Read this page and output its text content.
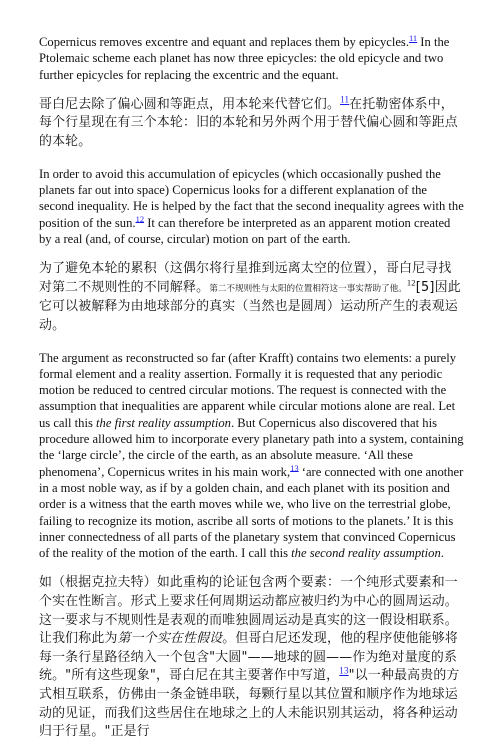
Copernicus removes excentre and equant and replaces them by epicycles.$^{11}$ In the Ptolemaic scheme each planet has now three epicycles: the old epicycle and two further epicycles for replacing the excentric and the equant.

哥白尼去除了偏心圆和等距点，用本轮来代替它们。$^{11}$在托勒密体系中，每个行星现在有三个本轮：旧的本轮和另外两个用于替代偏心圆和等距点的本轮。

In order to avoid this accumulation of epicycles (which occasionally pushed the planets far out into space) Copernicus looks for a different explanation of the second inequality. He is helped by the fact that the second inequality agrees with the position of the sun.$^{12}$ It can therefore be interpreted as an apparent motion created by a real (and, of course, circular) motion on part of the earth.

为了避免本轮的累积（这偶尔将行星推到远离太空的位置），哥白尼寻找对第二不规则性的不同解释。第二不规则性与太阳的位置相符这一事实帮助了他。$^{12}$[5]因此它可以被解释为由地球部分的真实（当然也是圆周）运动所产生的表观运动。

The argument as reconstructed so far (after Krafft) contains two elements: a purely formal element and a reality assertion. Formally it is requested that any periodic motion be reduced to centred circular motions. The request is connected with the assumption that inequalities are apparent while circular motions alone are real. Let us call this the first reality assumption. But Copernicus also discovered that his procedure allowed him to incorporate every planetary path into a system, containing the ‘large circle’, the circle of the earth, as an absolute measure. ‘All these phenomena’, Copernicus writes in his main work,$^{13}$ ‘are connected with one another in a most noble way, as if by a golden chain, and each planet with its position and order is a witness that the earth moves while we, who live on the terrestrial globe, failing to recognize its motion, ascribe all sorts of motions to the planets.’ It is this inner connectedness of all parts of the planetary system that convinced Copernicus of the reality of the motion of the earth. I call this the second reality assumption.

如（根据克拉夫特）如此重构的论证包含两个要素：一个纯形式要素和一个实在性断言。形式上要求任何周期运动都应被归约为中心的圆周运动。这一要求与不规则性是表观的而唯独圆周运动是真实的这一假设相联系。让我们称此为第一个实在性假设。但哥白尼还发现，他的程序使他能够将每一条行星路径纳入一个包含"大圆"——地球的圆——作为绝对量度的系统。"所有这些现象"，哥白尼在其主要著作中写道，$^{13}$"以一种最高贵的方式相互联系，仿佛由一条金链串联，每颗行星以其位置和顺序作为地球运动的见证，而我们这些居住在地球之上的人未能识别其运动，将各种运动归于行星。"正是行
